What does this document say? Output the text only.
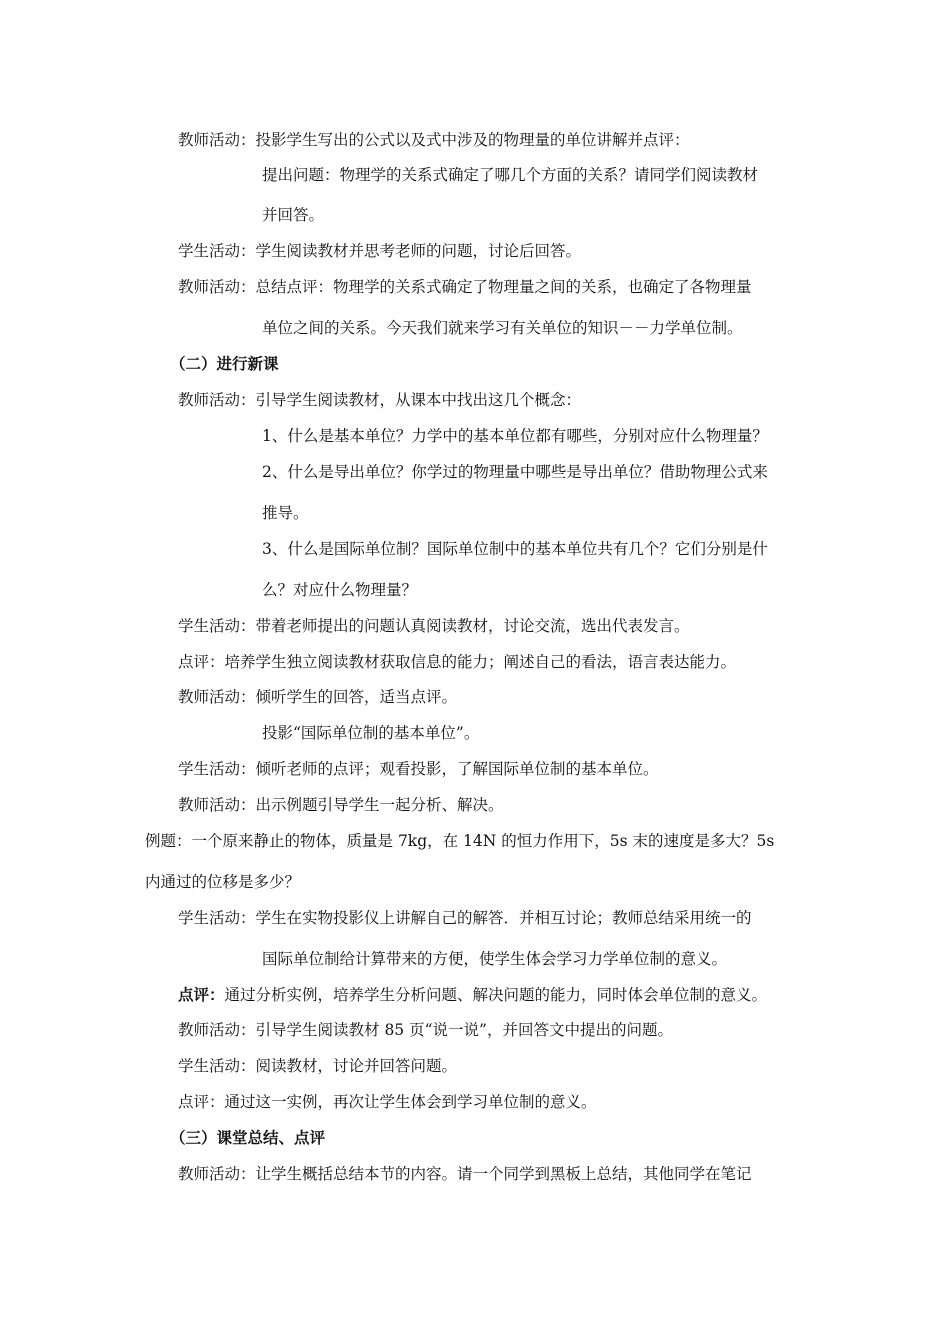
教师活动：投影学生写出的公式以及式中涉及的物理量的单位讲解并点评：
提出问题：物理学的关系式确定了哪几个方面的关系？请同学们阅读教材
并回答。
学生活动：学生阅读教材并思考老师的问题，讨论后回答。
教师活动：总结点评：物理学的关系式确定了物理量之间的关系，也确定了各物理量
单位之间的关系。今天我们就来学习有关单位的知识－－力学单位制。
（二）进行新课
教师活动：引导学生阅读教材，从课本中找出这几个概念：
1、什么是基本单位？力学中的基本单位都有哪些，分别对应什么物理量？
2、什么是导出单位？你学过的物理量中哪些是导出单位？借助物理公式来
推导。
3、什么是国际单位制？国际单位制中的基本单位共有几个？它们分别是什
么？对应什么物理量？
学生活动：带着老师提出的问题认真阅读教材，讨论交流，选出代表发言。
点评：培养学生独立阅读教材获取信息的能力；阐述自己的看法，语言表达能力。
教师活动：倾听学生的回答，适当点评。
投影“国际单位制的基本单位”。
学生活动：倾听老师的点评；观看投影，了解国际单位制的基本单位。
教师活动：出示例题引导学生一起分析、解决。
例题：一个原来静止的物体，质量是 7kg，在 14N 的恒力作用下，5s 末的速度是多大？5s
内通过的位移是多少？
学生活动：学生在实物投影仪上讲解自己的解答．并相互讨论；教师总结采用统一的
国际单位制给计算带来的方便，使学生体会学习力学单位制的意义。
点评：通过分析实例，培养学生分析问题、解决问题的能力，同时体会单位制的意义。
教师活动：引导学生阅读教材 85 页“说一说”，并回答文中提出的问题。
学生活动：阅读教材，讨论并回答问题。
点评：通过这一实例，再次让学生体会到学习单位制的意义。
（三）课堂总结、点评
教师活动：让学生概括总结本节的内容。请一个同学到黑板上总结，其他同学在笔记
